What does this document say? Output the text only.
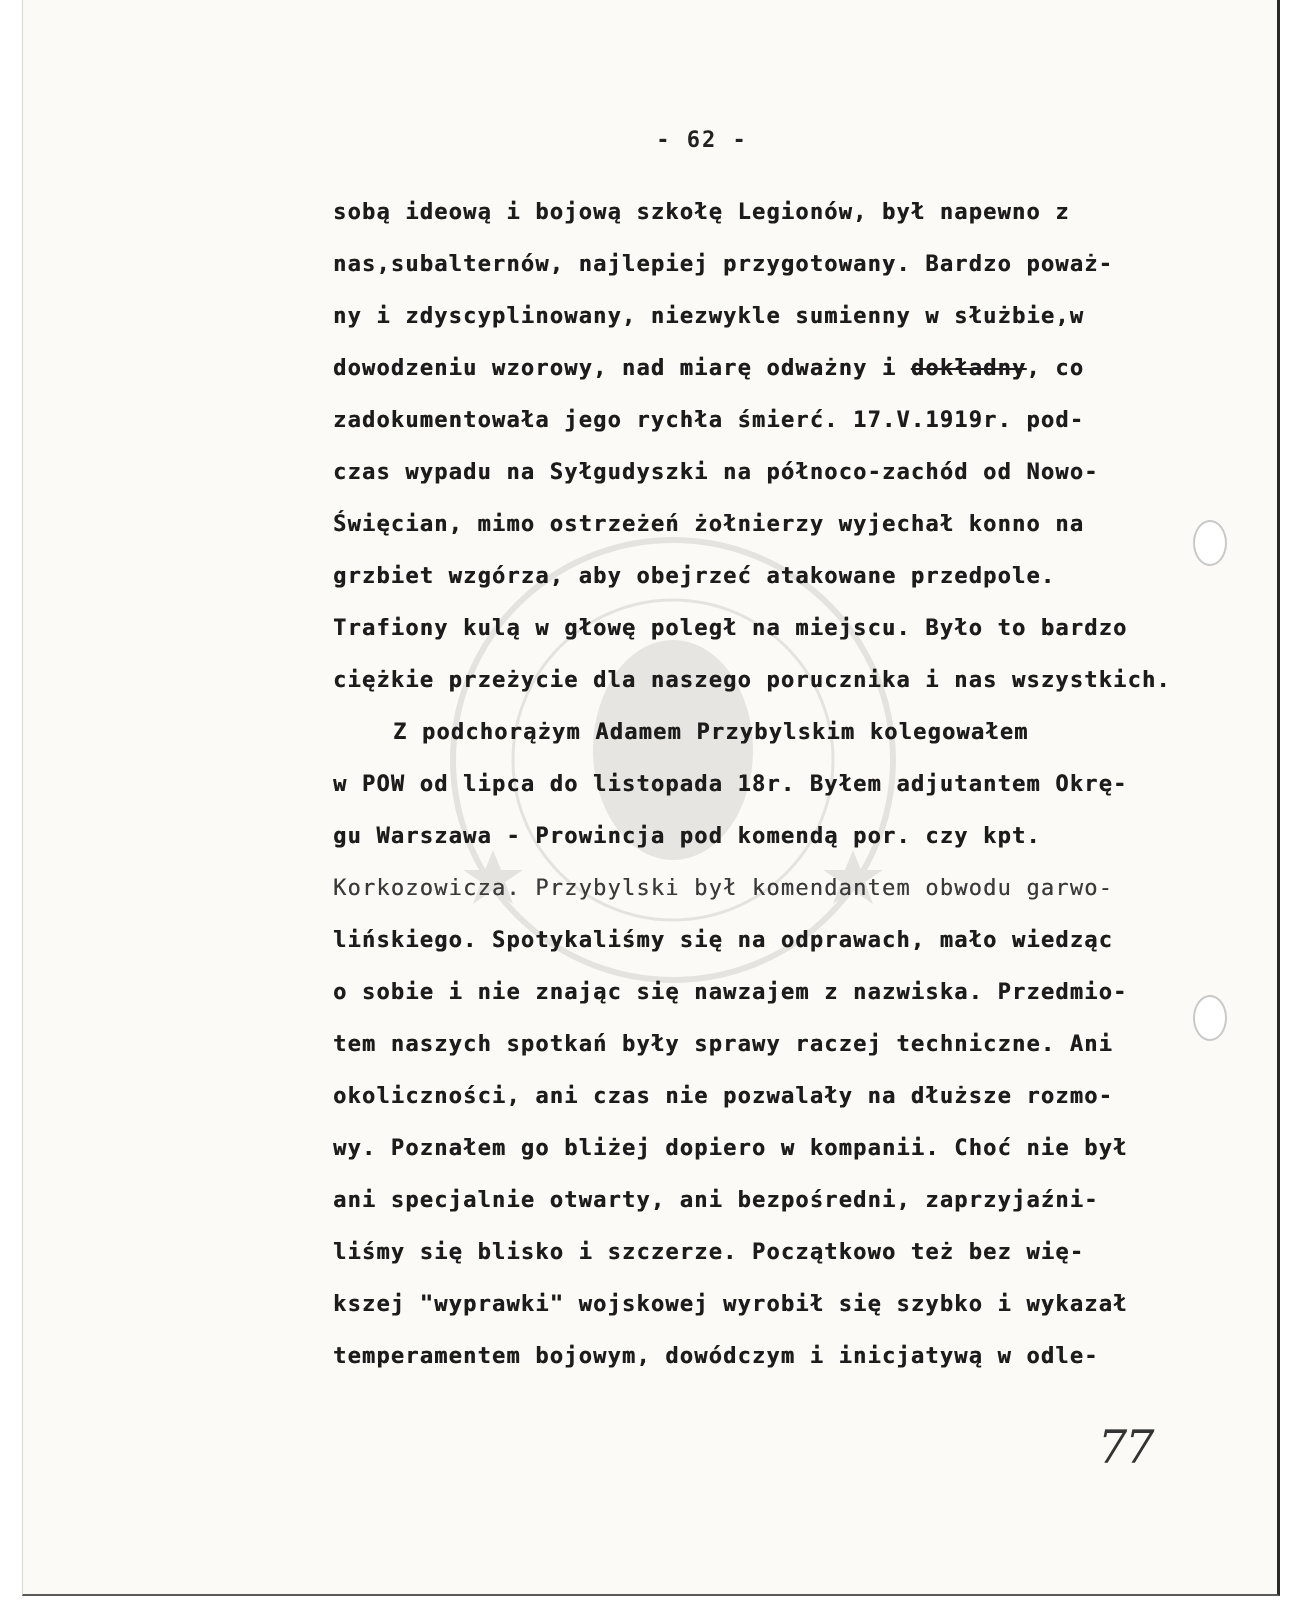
- 62 -
sobą ideową i bojową szkołę Legionów, był napewno z
nas,subalternów, najlepiej przygotowany. Bardzo poważ-
ny i zdyscyplinowany, niezwykle sumienny w służbie,w
dowodzeniu wzorowy, nad miarę odważny i dokładny, co
zadokumentowała jego rychła śmierć. 17.V.1919r. pod-
czas wypadu na Syłgudyszki na północo-zachód od Nowo-
Święcian, mimo ostrzeżeń żołnierzy wyjechał konno na
grzbiet wzgórza, aby obejrzeć atakowane przedpole.
Trafiony kulą w głowę poległ na miejscu. Było to bardzo
ciężkie przeżycie dla naszego porucznika i nas wszystkich.
Z podchorążym Adamem Przybylskim kolegowałem
w POW od lipca do listopada 18r. Byłem adjutantem Okrę-
gu Warszawa - Prowincja pod komendą por. czy kpt.
Korkozowicza. Przybylski był komendantem obwodu garwo-
lińskiego. Spotykaliśmy się na odprawach, mało wiedząc
o sobie i nie znając się nawzajem z nazwiska. Przedmio-
tem naszych spotkań były sprawy raczej techniczne. Ani
okoliczności, ani czas nie pozwalały na dłuższe rozmo-
wy. Poznałem go bliżej dopiero w kompanii. Choć nie był
ani specjalnie otwarty, ani bezpośredni, zaprzyjaźni-
liśmy się blisko i szczerze. Początkowo też bez wię-
kszej "wyprawki" wojskowej wyrobił się szybko i wykazał
temperamentem bojowym, dowódczym i inicjatywą w odle-
77
